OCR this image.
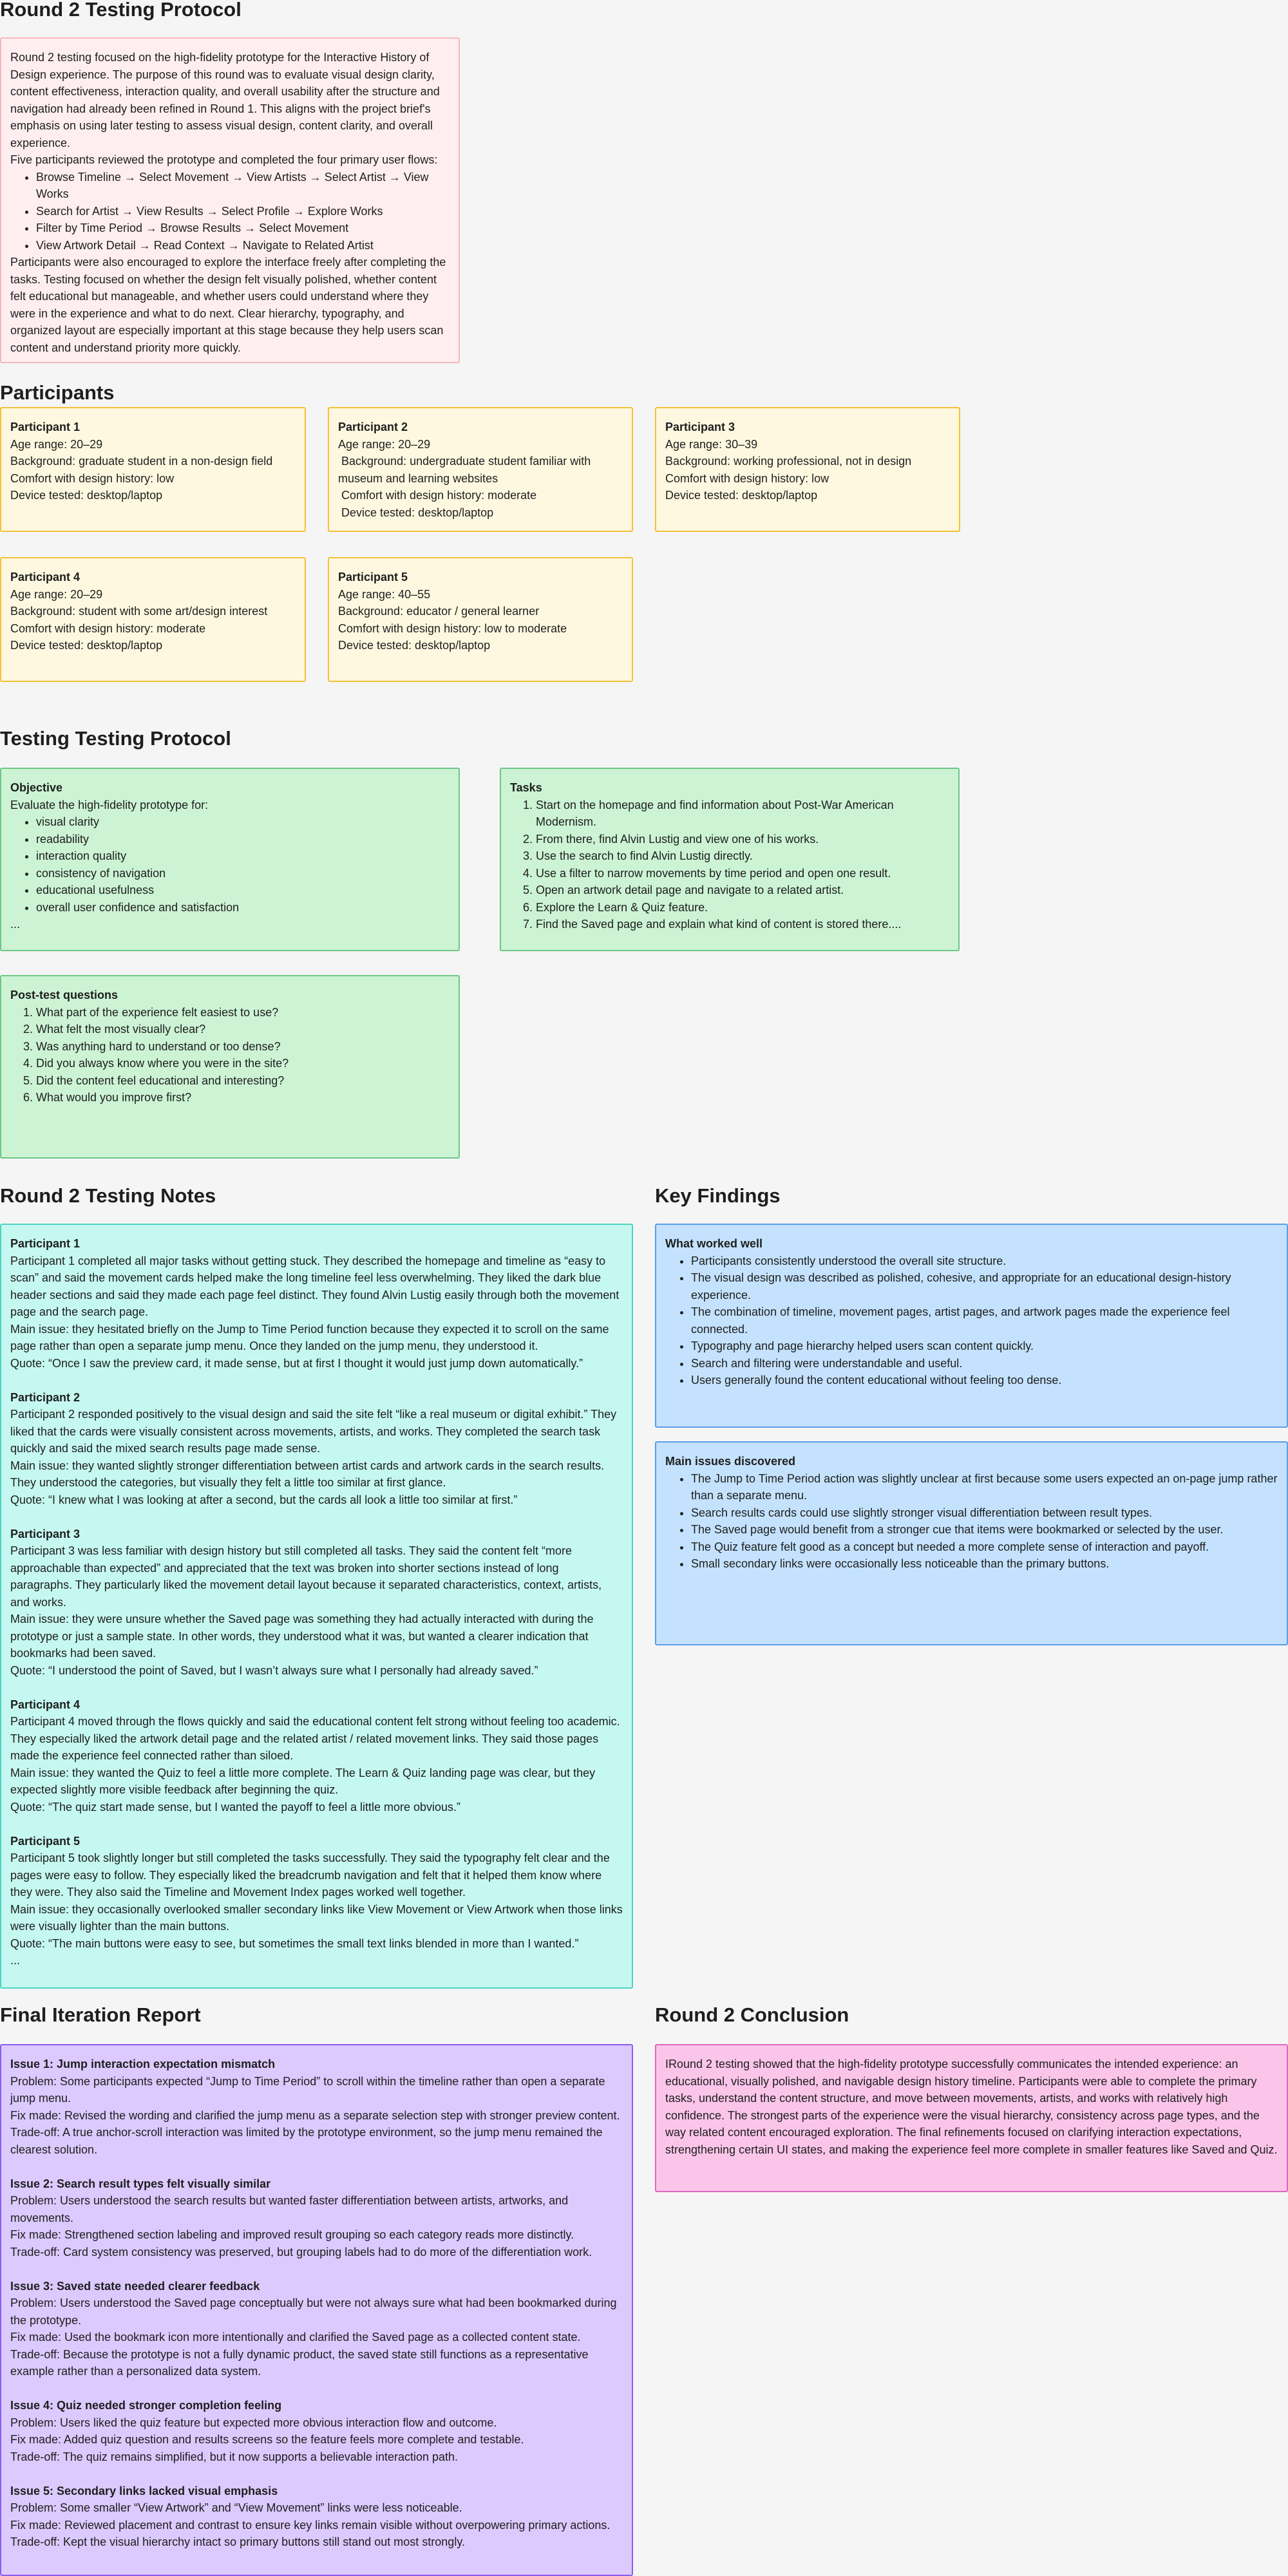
Round 2 Testing Protocol

Round 2 testing focused on the high-fidelity prototype for the Interactive History of Design experience. The purpose of this round was to evaluate visual design clarity, content effectiveness, interaction quality, and overall usability after the structure and navigation had already been refined in Round 1. This aligns with the project brief's emphasis on using later testing to assess visual design, content clarity, and overall experience.

Five participants reviewed the prototype and completed the four primary user flows:

• Browse Timeline → Select Movement → View Artists → Select Artist → View Works
• Search for Artist → View Results → Select Profile → Explore Works
• Filter by Time Period → Browse Results → Select Movement
• View Artwork Detail → Read Context → Navigate to Related Artist

Participants were also encouraged to explore the interface freely after completing the tasks. Testing focused on whether the design felt visually polished, whether content felt educational but manageable, and whether users could understand where they were in the experience and what to do next. Clear hierarchy, typography, and organized layout are especially important at this stage because they help users scan content and understand priority more quickly.

Participants

Participant 1

Age range: 20–29

Background: graduate student in a non-design field

Comfort with design history: low

Device tested: desktop/laptop

Participant 2

Age range: 20–29

Background: undergraduate student familiar with museum and learning websites

Comfort with design history: moderate

Device tested: desktop/laptop

Participant 3

Age range: 30–39

Background: working professional, not in design

Comfort with design history: low

Device tested: desktop/laptop

Participant 4

Age range: 20–29

Background: student with some art/design interest

Comfort with design history: moderate

Device tested: desktop/laptop

Participant 5

Age range: 40–55

Background: educator / general learner

Comfort with design history: low to moderate

Device tested: desktop/laptop

Testing Testing Protocol

Objective

Evaluate the high-fidelity prototype for:

• visual clarity
• readability
• interaction quality
• consistency of navigation
• educational usefulness
• overall user confidence and satisfaction

...

Tasks

1. Start on the homepage and find information about Post-War American Modernism.
2. From there, find Alvin Lustig and view one of his works.
3. Use the search to find Alvin Lustig directly.
4. Use a filter to narrow movements by time period and open one result.
5. Open an artwork detail page and navigate to a related artist.
6. Explore the Learn & Quiz feature.
7. Find the Saved page and explain what kind of content is stored there....

Post-test questions

1. What part of the experience felt easiest to use?
2. What felt the most visually clear?
3. Was anything hard to understand or too dense?
4. Did you always know where you were in the site?
5. Did the content feel educational and interesting?
6. What would you improve first?
Round 2 Testing Notes

Participant 1

Participant 1 completed all major tasks without getting stuck. They described the homepage and timeline as “easy to scan” and said the movement cards helped make the long timeline feel less overwhelming. They liked the dark blue header sections and said they made each page feel distinct. They found Alvin Lustig easily through both the movement page and the search page.

Main issue: they hesitated briefly on the Jump to Time Period function because they expected it to scroll on the same page rather than open a separate jump menu. Once they landed on the jump menu, they understood it.

Quote: “Once I saw the preview card, it made sense, but at first I thought it would just jump down automatically.”

Participant 2

Participant 2 responded positively to the visual design and said the site felt “like a real museum or digital exhibit.” They liked that the cards were visually consistent across movements, artists, and works. They completed the search task quickly and said the mixed search results page made sense.

Main issue: they wanted slightly stronger differentiation between artist cards and artwork cards in the search results. They understood the categories, but visually they felt a little too similar at first glance.

Quote: “I knew what I was looking at after a second, but the cards all look a little too similar at first.”

Participant 3

Participant 3 was less familiar with design history but still completed all tasks. They said the content felt “more approachable than expected” and appreciated that the text was broken into shorter sections instead of long paragraphs. They particularly liked the movement detail layout because it separated characteristics, context, artists, and works.

Main issue: they were unsure whether the Saved page was something they had actually interacted with during the prototype or just a sample state. In other words, they understood what it was, but wanted a clearer indication that bookmarks had been saved.

Quote: “I understood the point of Saved, but I wasn’t always sure what I personally had already saved.”

Participant 4

Participant 4 moved through the flows quickly and said the educational content felt strong without feeling too academic. They especially liked the artwork detail page and the related artist / related movement links. They said those pages made the experience feel connected rather than siloed.

Main issue: they wanted the Quiz to feel a little more complete. The Learn & Quiz landing page was clear, but they expected slightly more visible feedback after beginning the quiz.

Quote: “The quiz start made sense, but I wanted the payoff to feel a little more obvious.”

Participant 5

Participant 5 took slightly longer but still completed the tasks successfully. They said the typography felt clear and the pages were easy to follow. They especially liked the breadcrumb navigation and felt that it helped them know where they were. They also said the Timeline and Movement Index pages worked well together.

Main issue: they occasionally overlooked smaller secondary links like View Movement or View Artwork when those links were visually lighter than the main buttons.

Quote: “The main buttons were easy to see, but sometimes the small text links blended in more than I wanted.”

...

Key Findings

What worked well

• Participants consistently understood the overall site structure.
• The visual design was described as polished, cohesive, and appropriate for an educational design-history experience.
• The combination of timeline, movement pages, artist pages, and artwork pages made the experience feel connected.
• Typography and page hierarchy helped users scan content quickly.
• Search and filtering were understandable and useful.
• Users generally found the content educational without feeling too dense.

Main issues discovered

• The Jump to Time Period action was slightly unclear at first because some users expected an on-page jump rather than a separate menu.
• Search results cards could use slightly stronger visual differentiation between result types.
• The Saved page would benefit from a stronger cue that items were bookmarked or selected by the user.
• The Quiz feature felt good as a concept but needed a more complete sense of interaction and payoff.
• Small secondary links were occasionally less noticeable than the primary buttons.
Final Iteration Report

Issue 1: Jump interaction expectation mismatch

Problem: Some participants expected “Jump to Time Period” to scroll within the timeline rather than open a separate jump menu.

Fix made: Revised the wording and clarified the jump menu as a separate selection step with stronger preview content.

Trade-off: A true anchor-scroll interaction was limited by the prototype environment, so the jump menu remained the clearest solution.

Issue 2: Search result types felt visually similar

Problem: Users understood the search results but wanted faster differentiation between artists, artworks, and movements.

Fix made: Strengthened section labeling and improved result grouping so each category reads more distinctly.

Trade-off: Card system consistency was preserved, but grouping labels had to do more of the differentiation work.

Issue 3: Saved state needed clearer feedback

Problem: Users understood the Saved page conceptually but were not always sure what had been bookmarked during the prototype.

Fix made: Used the bookmark icon more intentionally and clarified the Saved page as a collected content state.

Trade-off: Because the prototype is not a fully dynamic product, the saved state still functions as a representative example rather than a personalized data system.

Issue 4: Quiz needed stronger completion feeling

Problem: Users liked the quiz feature but expected more obvious interaction flow and outcome.

Fix made: Added quiz question and results screens so the feature feels more complete and testable.

Trade-off: The quiz remains simplified, but it now supports a believable interaction path.

Issue 5: Secondary links lacked visual emphasis

Problem: Some smaller “View Artwork” and “View Movement” links were less noticeable.

Fix made: Reviewed placement and contrast to ensure key links remain visible without overpowering primary actions.

Trade-off: Kept the visual hierarchy intact so primary buttons still stand out most strongly.

Round 2 Conclusion

IRound 2 testing showed that the high-fidelity prototype successfully communicates the intended experience: an educational, visually polished, and navigable design history timeline. Participants were able to complete the primary tasks, understand the content structure, and move between movements, artists, and works with relatively high confidence. The strongest parts of the experience were the visual hierarchy, consistency across page types, and the way related content encouraged exploration. The final refinements focused on clarifying interaction expectations, strengthening certain UI states, and making the experience feel more complete in smaller features like Saved and Quiz.
